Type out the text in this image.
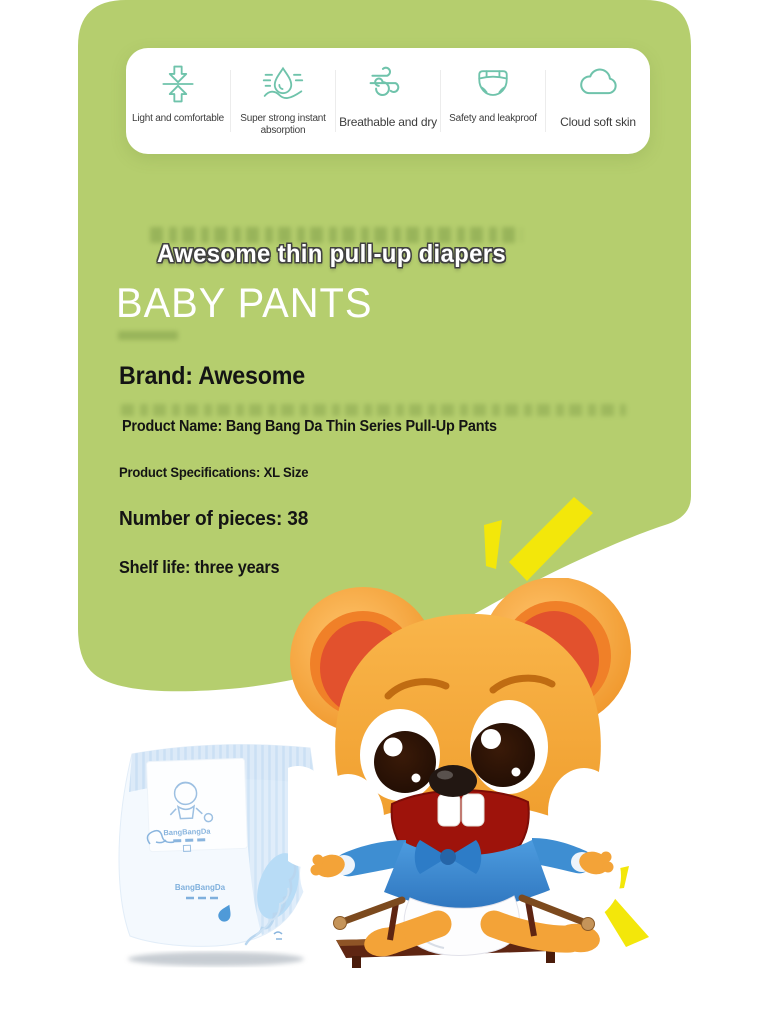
Light and comfortable	Super strong instant absorption
Breathable and dry	Safety and leakproof	Cloud soft skin
Awesome thin pull-up diapers
BABY PANTS
Brand: Awesome
Product Name: Bang Bang Da Thin Series Pull-Up Pants
Product Specifications: XL Size
Number of pieces: 38
Shelf life: three years
BangBangDa
BangBangDa
